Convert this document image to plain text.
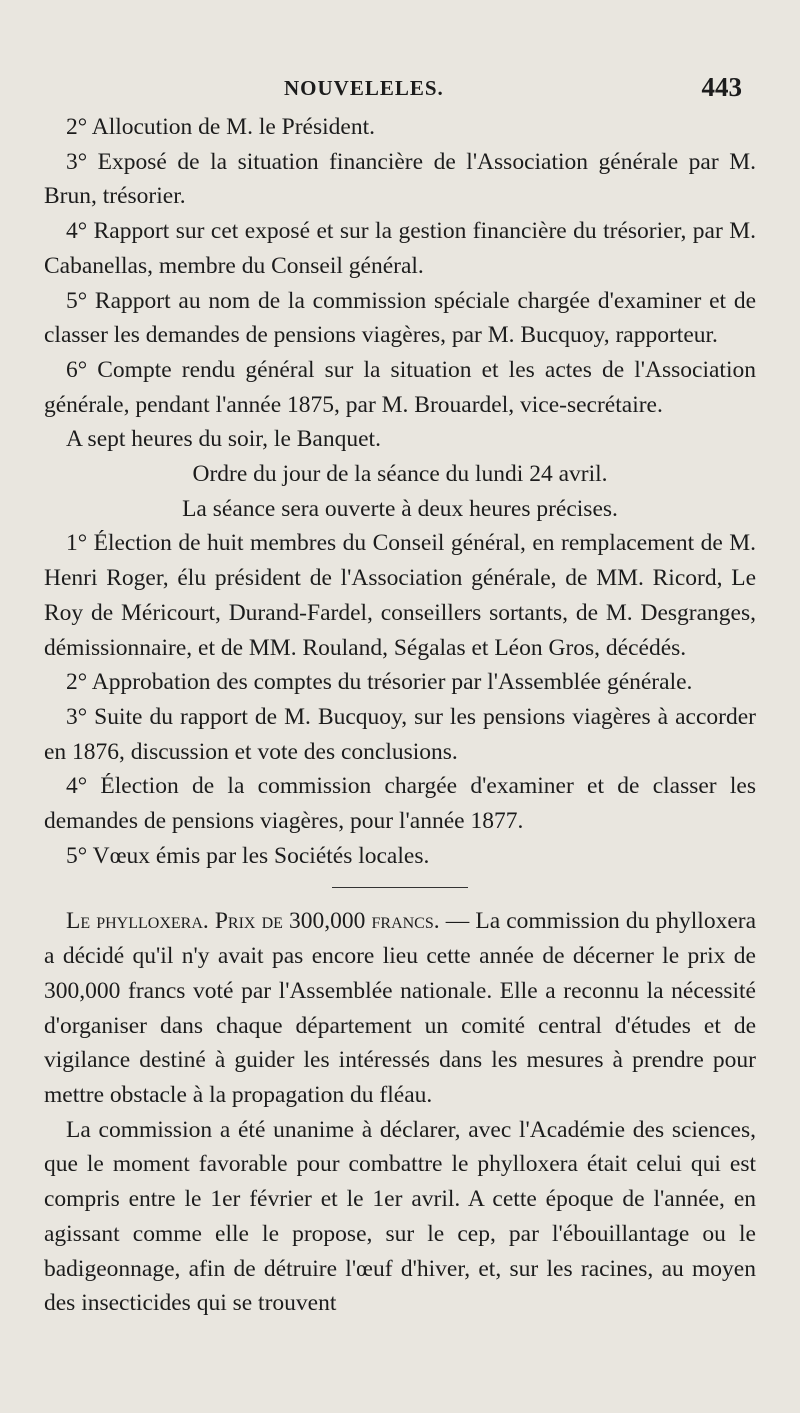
NOUVELELES.	443

2° Allocution de M. le Président.

3° Exposé de la situation financière de l'Association générale par M. Brun, trésorier.

4° Rapport sur cet exposé et sur la gestion financière du trésorier, par M. Cabanellas, membre du Conseil général.

5° Rapport au nom de la commission spéciale chargée d'examiner et de classer les demandes de pensions viagères, par M. Bucquoy, rapporteur.

6° Compte rendu général sur la situation et les actes de l'Association générale, pendant l'année 1875, par M. Brouardel, vice-secrétaire.

A sept heures du soir, le Banquet.

Ordre du jour de la séance du lundi 24 avril.

La séance sera ouverte à deux heures précises.

1° Élection de huit membres du Conseil général, en remplacement de M. Henri Roger, élu président de l'Association générale, de MM. Ricord, Le Roy de Méricourt, Durand-Fardel, conseillers sortants, de M. Desgranges, démissionnaire, et de MM. Rouland, Ségalas et Léon Gros, décédés.

2° Approbation des comptes du trésorier par l'Assemblée générale.

3° Suite du rapport de M. Bucquoy, sur les pensions viagères à accorder en 1876, discussion et vote des conclusions.

4° Élection de la commission chargée d'examiner et de classer les demandes de pensions viagères, pour l'année 1877.

5° Vœux émis par les Sociétés locales.

Le phylloxera. Prix de 300,000 francs. — La commission du phylloxera a décidé qu'il n'y avait pas encore lieu cette année de décerner le prix de 300,000 francs voté par l'Assemblée nationale. Elle a reconnu la nécessité d'organiser dans chaque département un comité central d'études et de vigilance destiné à guider les intéressés dans les mesures à prendre pour mettre obstacle à la propagation du fléau.

La commission a été unanime à déclarer, avec l'Académie des sciences, que le moment favorable pour combattre le phylloxera était celui qui est compris entre le 1er février et le 1er avril. A cette époque de l'année, en agissant comme elle le propose, sur le cep, par l'ébouillantage ou le badigeonnage, afin de détruire l'œuf d'hiver, et, sur les racines, au moyen des insecticides qui se trouvent
